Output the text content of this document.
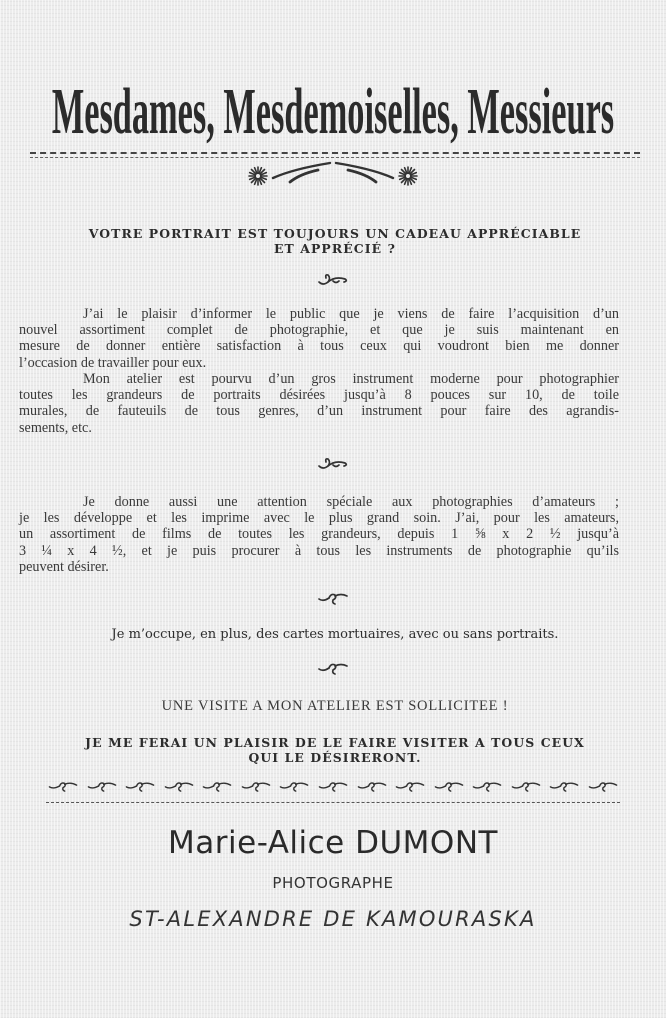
Mesdames, Mesdemoiselles, Messieurs
VOTRE PORTRAIT EST TOUJOURS UN CADEAU APPRÉCIABLE
ET APPRÉCIÉ ?
J’ai le plaisir d’informer le public que je viens de faire l’acquisition d’un
nouvel assortiment complet de photographie, et que je suis maintenant en
mesure de donner entière satisfaction à tous ceux qui voudront bien me donner
l’occasion de travailler pour eux.
Mon atelier est pourvu d’un gros instrument moderne pour photographier
toutes les grandeurs de portraits désirées jusqu’à 8 pouces sur 10, de toile
murales, de fauteuils de tous genres, d’un instrument pour faire des agrandis-
sements, etc.
Je donne aussi une attention spéciale aux photographies d’amateurs ;
je les développe et les imprime avec le plus grand soin. J’ai, pour les amateurs,
un assortiment de films de toutes les grandeurs, depuis 1 ⅝ x 2 ½ jusqu’à
3 ¼ x 4 ½, et je puis procurer à tous les instruments de photographie qu’ils
peuvent désirer.
Je m’occupe, en plus, des cartes mortuaires, avec ou sans portraits.
UNE VISITE A MON ATELIER EST SOLLICITEE !
JE ME FERAI UN PLAISIR DE LE FAIRE VISITER A TOUS CEUX
QUI LE DÉSIRERONT.
Marie-Alice DUMONT
PHOTOGRAPHE
ST-ALEXANDRE DE KAMOURASKA
